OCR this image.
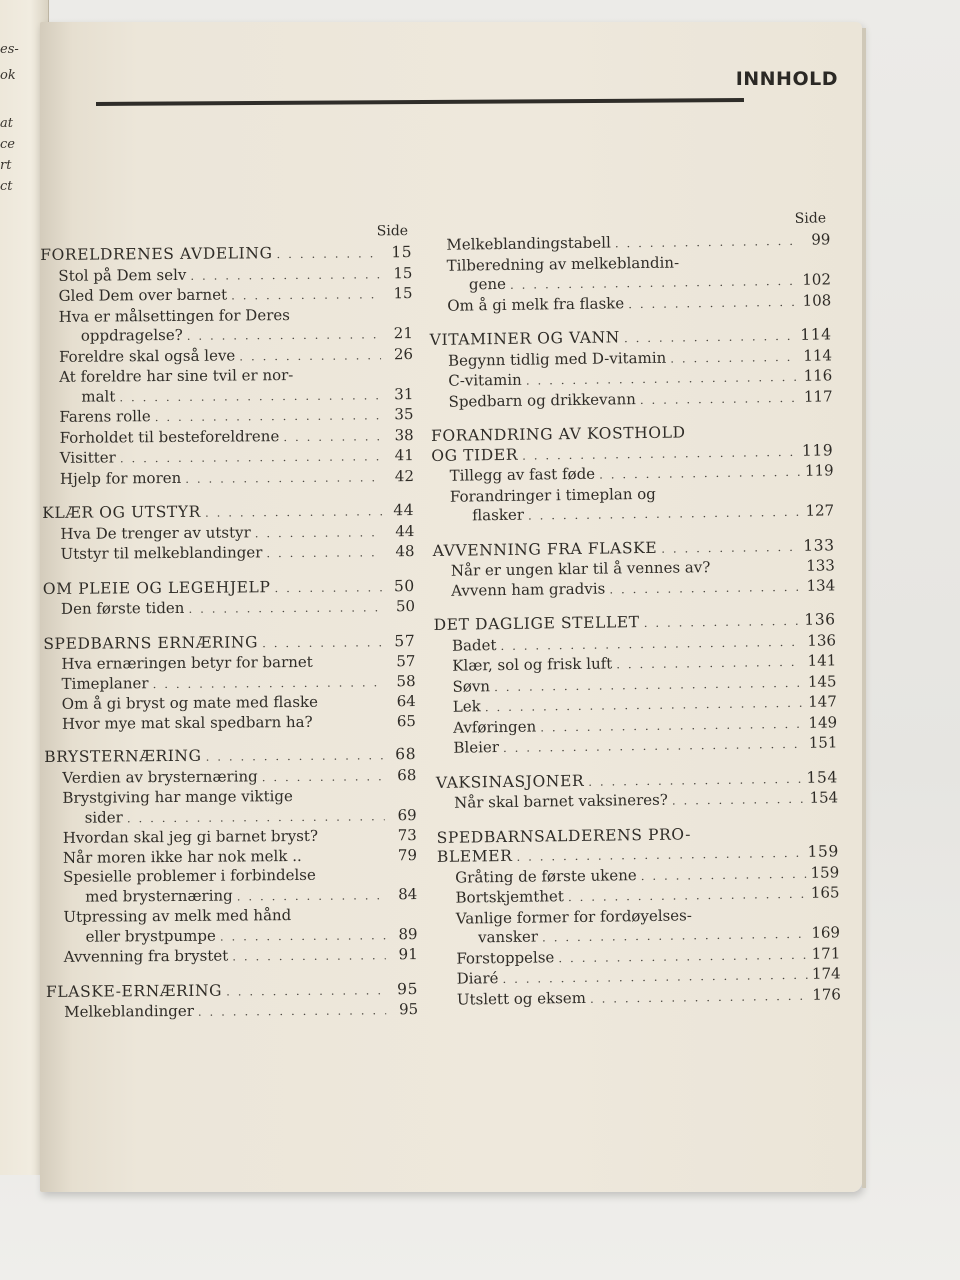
es-
ok
at
ce
rt
ct
INNHOLD
Side
FORELDRENES AVDELING . . .	15
Stol på Dem selv . . .	15
Gled Dem over barnet . . .	15
Hva er målsettingen for Deres
oppdragelse? . . .	21
Foreldre skal også leve . . .	26
At foreldre har sine tvil er nor-
malt . . .	31
Farens rolle . . .	35
Forholdet til besteforeldrene . . .	38
Visitter . . .	41
Hjelp for moren . . .	42
KLÆR OG UTSTYR . . .	44
Hva De trenger av utstyr . . .	44
Utstyr til melkeblandinger . . .	48
OM PLEIE OG LEGEHJELP . . .	50
Den første tiden . . .	50
SPEDBARNS ERNÆRING . . .	57
Hva ernæringen betyr for barnet	57
Timeplaner . . .	58
Om å gi bryst og mate med flaske	64
Hvor mye mat skal spedbarn ha?	65
BRYSTERNÆRING . . .	68
Verdien av brysternæring . . .	68
Brystgiving har mange viktige
sider . . .	69
Hvordan skal jeg gi barnet bryst?	73
Når moren ikke har nok melk ..	79
Spesielle problemer i forbindelse
med brysternæring . . .	84
Utpressing av melk med hånd
eller brystpumpe . . .	89
Avvenning fra brystet . . .	91
FLASKE-ERNÆRING . . .	95
Melkeblandinger . . .	95
Side
Melkeblandingstabell . . .	99
Tilberedning av melkeblandin-
gene . . .	102
Om å gi melk fra flaske . . .	108
VITAMINER OG VANN . . .	114
Begynn tidlig med D-vitamin . . .	114
C-vitamin . . .	116
Spedbarn og drikkevann . . .	117
FORANDRING AV KOSTHOLD
OG TIDER . . .	119
Tillegg av fast føde . . .	119
Forandringer i timeplan og
flasker . . .	127
AVVENNING FRA FLASKE . . .	133
Når er ungen klar til å vennes av?	133
Avvenn ham gradvis . . .	134
DET DAGLIGE STELLET . . .	136
Badet . . .	136
Klær, sol og frisk luft . . .	141
Søvn . . .	145
Lek . . .	147
Avføringen . . .	149
Bleier . . .	151
VAKSINASJONER . . .	154
Når skal barnet vaksineres? . . .	154
SPEDBARNSALDERENS PRO-
BLEMER . . .	159
Gråting de første ukene . . .	159
Bortskjemthet . . .	165
Vanlige former for fordøyelses-
vansker . . .	169
Forstoppelse . . .	171
Diaré . . .	174
Utslett og eksem . . .	176
